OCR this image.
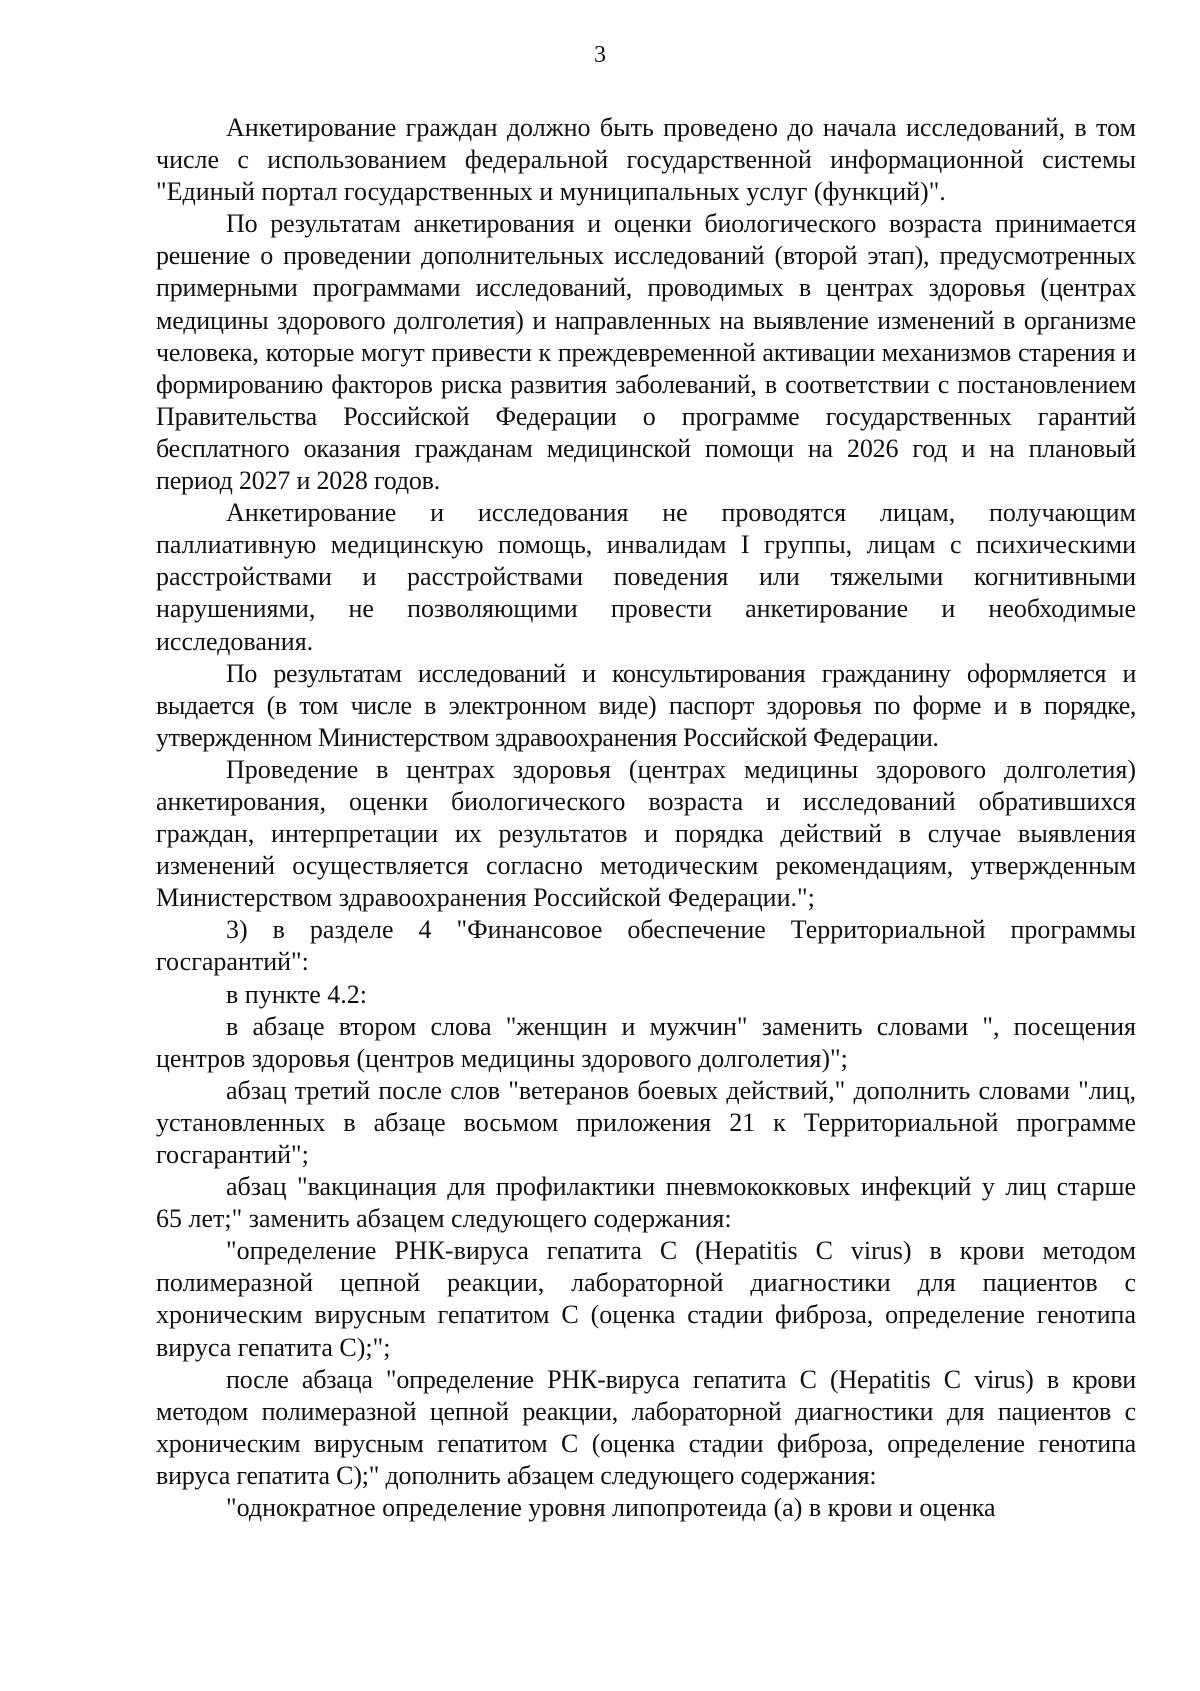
3

Анкетирование граждан должно быть проведено до начала исследований, в том числе с использованием федеральной государственной информационной системы "Единый портал государственных и муниципальных услуг (функций)".

По результатам анкетирования и оценки биологического возраста принимается решение о проведении дополнительных исследований (второй этап), предусмотренных примерными программами исследований, проводимых в центрах здоровья (центрах медицины здорового долголетия) и направленных на выявление изменений в организме человека, которые могут привести к преждевременной активации механизмов старения и формированию факторов риска развития заболеваний, в соответствии с постановлением Правительства Российской Федерации о программе государственных гарантий бесплатного оказания гражданам медицинской помощи на 2026 год и на плановый период 2027 и 2028 годов.

Анкетирование и исследования не проводятся лицам, получающим паллиативную медицинскую помощь, инвалидам I группы, лицам с психическими расстройствами и расстройствами поведения или тяжелыми когнитивными нарушениями, не позволяющими провести анкетирование и необходимые исследования.

По результатам исследований и консультирования гражданину оформляется и выдается (в том числе в электронном виде) паспорт здоровья по форме и в порядке, утвержденном Министерством здравоохранения Российской Федерации.

Проведение в центрах здоровья (центрах медицины здорового долголетия) анкетирования, оценки биологического возраста и исследований обратившихся граждан, интерпретации их результатов и порядка действий в случае выявления изменений осуществляется согласно методическим рекомендациям, утвержденным Министерством здравоохранения Российской Федерации.";

3) в разделе 4 "Финансовое обеспечение Территориальной программы госгарантий":

в пункте 4.2:

в абзаце втором слова "женщин и мужчин" заменить словами ", посещения центров здоровья (центров медицины здорового долголетия)";

абзац третий после слов "ветеранов боевых действий," дополнить словами "лиц, установленных в абзаце восьмом приложения 21 к Территориальной программе госгарантий";

абзац "вакцинация для профилактики пневмококковых инфекций у лиц старше 65 лет;" заменить абзацем следующего содержания:

"определение РНК-вируса гепатита С (Hepatitis С virus) в крови методом полимеразной цепной реакции, лабораторной диагностики для пациентов с хроническим вирусным гепатитом С (оценка стадии фиброза, определение генотипа вируса гепатита С);";

после абзаца "определение РНК-вируса гепатита С (Hepatitis С virus) в крови методом полимеразной цепной реакции, лабораторной диагностики для пациентов с хроническим вирусным гепатитом С (оценка стадии фиброза, определение генотипа вируса гепатита С);" дополнить абзацем следующего содержания:

"однократное определение уровня липопротеида (а) в крови и оценка
